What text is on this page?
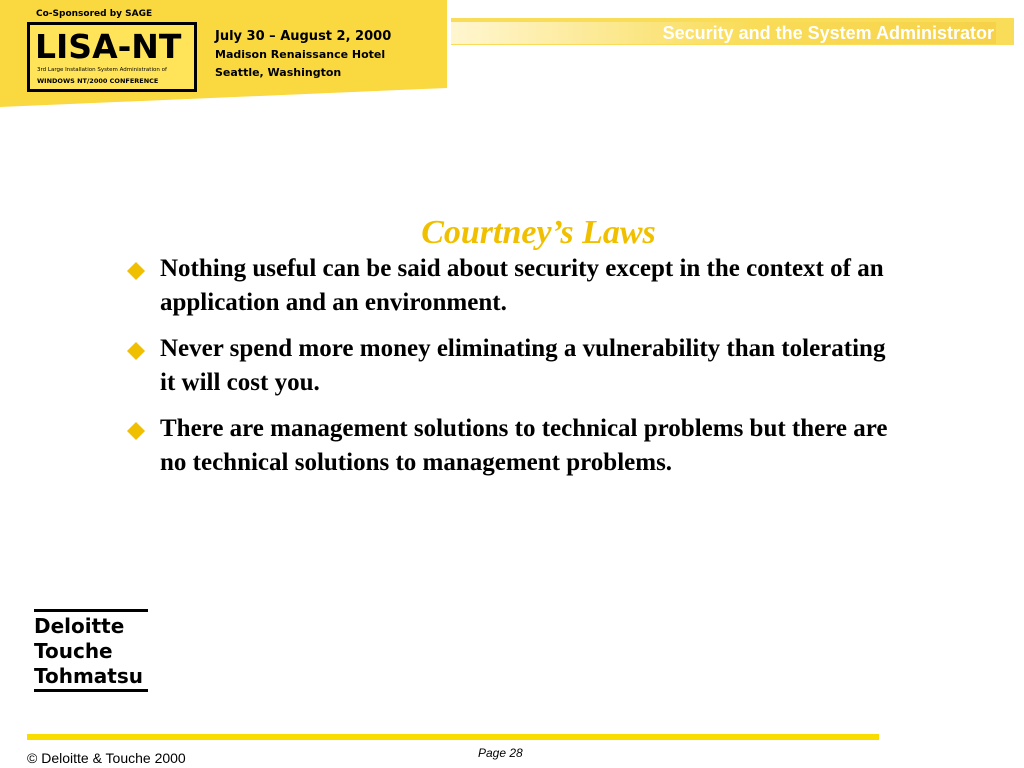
Co-Sponsored by SAGE
LISA-NT
3rd Large Installation System Administration of
WINDOWS NT/2000 CONFERENCE
July 30 – August 2, 2000
Madison Renaissance Hotel
Seattle, Washington
Security and the System Administrator
Courtney’s Laws
Nothing useful can be said about security except in the context of an application and an environment.
Never spend more money eliminating a vulnerability than tolerating it will cost you.
There are management solutions to technical problems but there are no technical solutions to management problems.
Deloitte
Touche
Tohmatsu
Page 28
© Deloitte & Touche 2000
